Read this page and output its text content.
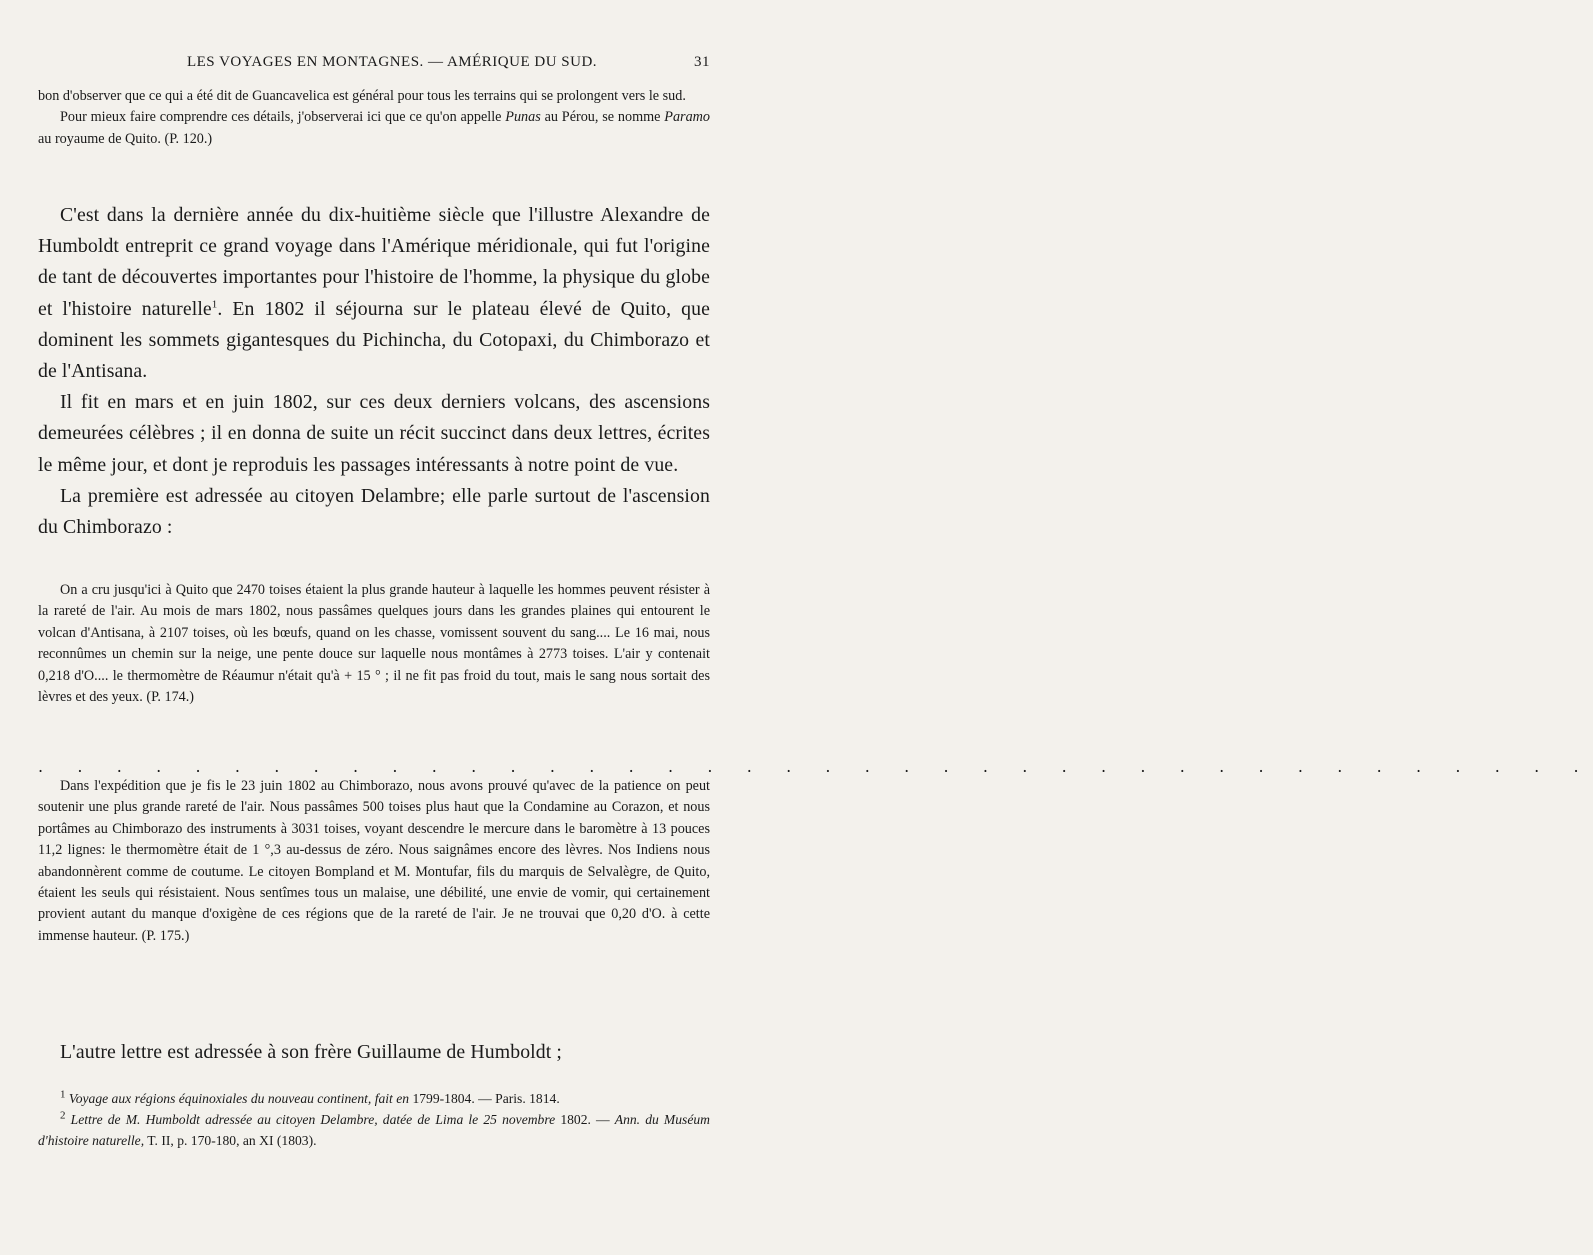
LES VOYAGES EN MONTAGNES. — AMÉRIQUE DU SUD.	31

bon d'observer que ce qui a été dit de Guancavelica est général pour tous les terrains qui se prolongent vers le sud.

Pour mieux faire comprendre ces détails, j'observerai ici que ce qu'on appelle Punas au Pérou, se nomme Paramo au royaume de Quito. (P. 120.)

C'est dans la dernière année du dix-huitième siècle que l'illustre Alexandre de Humboldt entreprit ce grand voyage dans l'Amérique méridionale, qui fut l'origine de tant de découvertes importantes pour l'histoire de l'homme, la physique du globe et l'histoire naturelle$^1$. En 1802 il séjourna sur le plateau élevé de Quito, que dominent les sommets gigantesques du Pichincha, du Cotopaxi, du Chimborazo et de l'Antisana.

Il fit en mars et en juin 1802, sur ces deux derniers volcans, des ascensions demeurées célèbres ; il en donna de suite un récit succinct dans deux lettres, écrites le même jour, et dont je reproduis les passages intéressants à notre point de vue.

La première est adressée au citoyen Delambre; elle parle surtout de l'ascension du Chimborazo :

On a cru jusqu'ici à Quito que 2470 toises étaient la plus grande hauteur à laquelle les hommes peuvent résister à la rareté de l'air. Au mois de mars 1802, nous passâmes quelques jours dans les grandes plaines qui entourent le volcan d'Antisana, à 2107 toises, où les bœufs, quand on les chasse, vomissent souvent du sang.... Le 16 mai, nous reconnûmes un chemin sur la neige, une pente douce sur laquelle nous montâmes à 2773 toises. L'air y contenait 0,218 d'O.... le thermomètre de Réaumur n'était qu'à + 15 ° ; il ne fit pas froid du tout, mais le sang nous sortait des lèvres et des yeux. (P. 174.)

. . . . . . . . . . . . . . . . . . . . . . . . . . . . . . . . . . . . . . . .

Dans l'expédition que je fis le 23 juin 1802 au Chimborazo, nous avons prouvé qu'avec de la patience on peut soutenir une plus grande rareté de l'air. Nous passâmes 500 toises plus haut que la Condamine au Corazon, et nous portâmes au Chimborazo des instruments à 3031 toises, voyant descendre le mercure dans le baromètre à 13 pouces 11,2 lignes: le thermomètre était de 1 °,3 au-dessus de zéro. Nous saignâmes encore des lèvres. Nos Indiens nous abandonnèrent comme de coutume. Le citoyen Bompland et M. Montufar, fils du marquis de Selvalègre, de Quito, étaient les seuls qui résistaient. Nous sentîmes tous un malaise, une débilité, une envie de vomir, qui certainement provient autant du manque d'oxigène de ces régions que de la rareté de l'air. Je ne trouvai que 0,20 d'O. à cette immense hauteur. (P. 175.)

L'autre lettre est adressée à son frère Guillaume de Humboldt ;

$^1$ Voyage aux régions équinoxiales du nouveau continent, fait en 1799-1804. — Paris. 1814.

$^2$ Lettre de M. Humboldt adressée au citoyen Delambre, datée de Lima le 25 novembre 1802. — Ann. du Muséum d'histoire naturelle, T. II, p. 170-180, an XI (1803).
